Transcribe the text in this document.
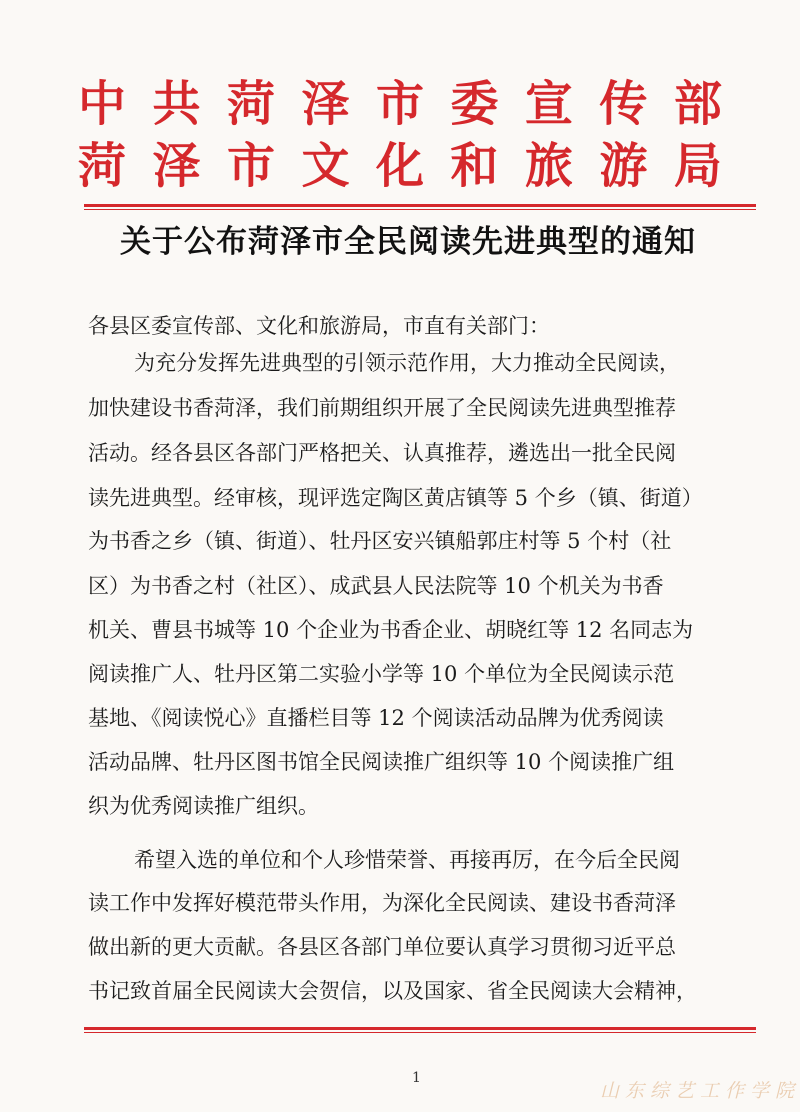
中 共 菏 泽 市 委 宣 传 部
菏 泽 市 文 化 和 旅 游 局
关于公布菏泽市全民阅读先进典型的通知
各县区委宣传部、文化和旅游局，市直有关部门：
为充分发挥先进典型的引领示范作用，大力推动全民阅读，
加快建设书香菏泽，我们前期组织开展了全民阅读先进典型推荐
活动。经各县区各部门严格把关、认真推荐，遴选出一批全民阅
读先进典型。经审核，现评选定陶区黄店镇等 5 个乡（镇、街道）
为书香之乡（镇、街道）、牡丹区安兴镇船郭庄村等 5 个村（社
区）为书香之村（社区）、成武县人民法院等 10 个机关为书香
机关、曹县书城等 10 个企业为书香企业、胡晓红等 12 名同志为
阅读推广人、牡丹区第二实验小学等 10 个单位为全民阅读示范
基地、《阅读悦心》直播栏目等 12 个阅读活动品牌为优秀阅读
活动品牌、牡丹区图书馆全民阅读推广组织等 10 个阅读推广组
织为优秀阅读推广组织。
希望入选的单位和个人珍惜荣誉、再接再厉，在今后全民阅
读工作中发挥好模范带头作用，为深化全民阅读、建设书香菏泽
做出新的更大贡献。各县区各部门单位要认真学习贯彻习近平总
书记致首届全民阅读大会贺信，以及国家、省全民阅读大会精神，
1
山东综艺工作学院
